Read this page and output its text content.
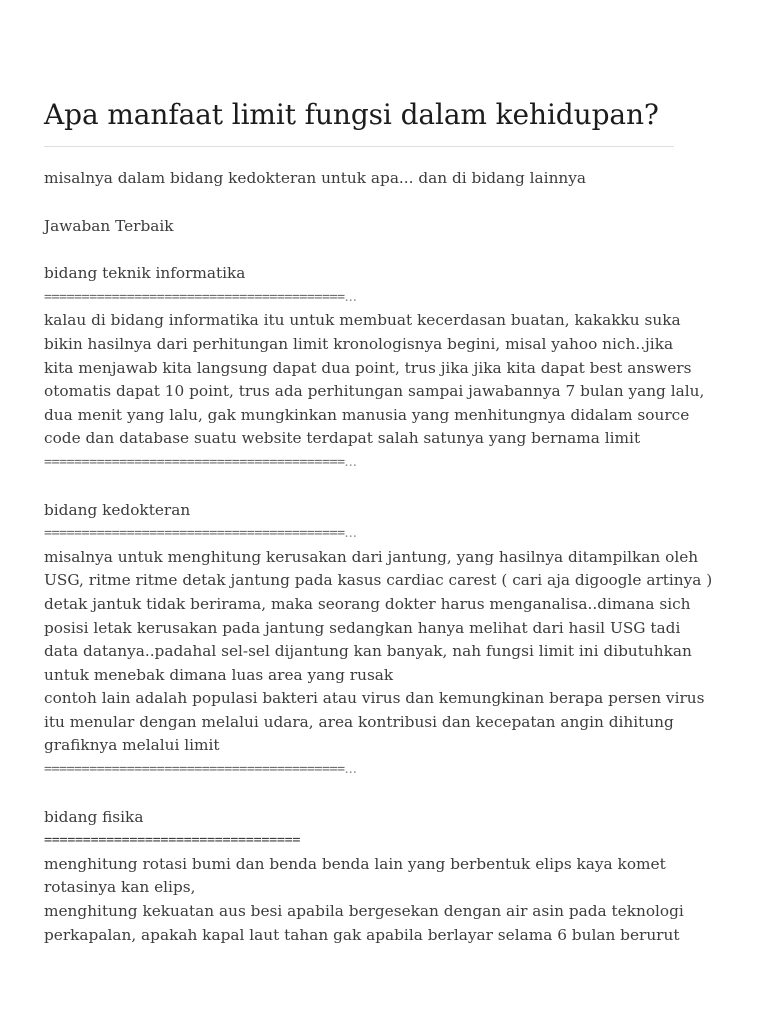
Apa manfaat limit fungsi dalam kehidupan?
misalnya dalam bidang kedokteran untuk apa... dan di bidang lainnya
Jawaban Terbaik
bidang teknik informatika
========================================...
kalau di bidang informatika itu untuk membuat kecerdasan buatan, kakakku suka
bikin hasilnya dari perhitungan limit kronologisnya begini, misal yahoo nich..jika
kita menjawab kita langsung dapat dua point, trus jika jika kita dapat best answers
otomatis dapat 10 point, trus ada perhitungan sampai jawabannya 7 bulan yang lalu,
dua menit yang lalu, gak mungkinkan manusia yang menhitungnya didalam source
code dan database suatu website terdapat salah satunya yang bernama limit
========================================...
bidang kedokteran
========================================...
misalnya untuk menghitung kerusakan dari jantung, yang hasilnya ditampilkan oleh
USG, ritme ritme detak jantung pada kasus cardiac carest ( cari aja digoogle artinya )
detak jantuk tidak berirama, maka seorang dokter harus menganalisa..dimana sich
posisi letak kerusakan pada jantung sedangkan hanya melihat dari hasil USG tadi
data datanya..padahal sel-sel dijantung kan banyak, nah fungsi limit ini dibutuhkan
untuk menebak dimana luas area yang rusak
contoh lain adalah populasi bakteri atau virus dan kemungkinan berapa persen virus
itu menular dengan melalui udara, area kontribusi dan kecepatan angin dihitung
grafiknya melalui limit
========================================...
bidang fisika
=================================
menghitung rotasi bumi dan benda benda lain yang berbentuk elips kaya komet
rotasinya kan elips,
menghitung kekuatan aus besi apabila bergesekan dengan air asin pada teknologi
perkapalan, apakah kapal laut tahan gak apabila berlayar selama 6 bulan berurut
